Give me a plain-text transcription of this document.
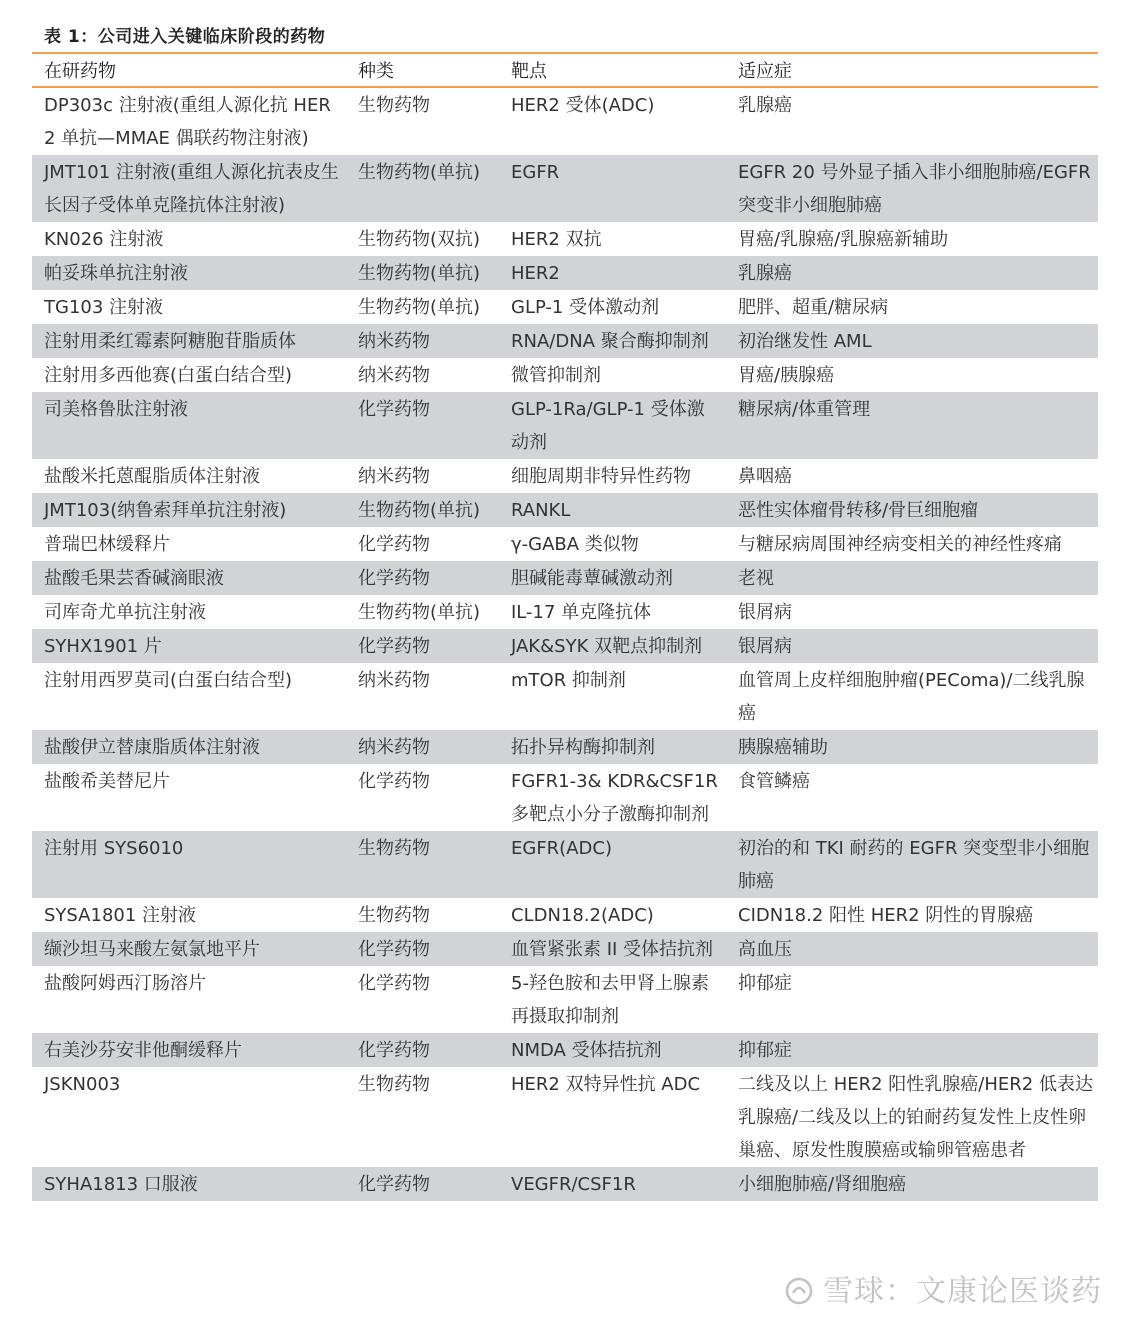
表 1：公司进入关键临床阶段的药物
在研药物	种类	靶点	适应症
DP303c 注射液(重组人源化抗 HER2 单抗—MMAE 偶联药物注射液)	生物药物	HER2 受体(ADC)	乳腺癌
JMT101 注射液(重组人源化抗表皮生长因子受体单克隆抗体注射液)	生物药物(单抗)	EGFR	EGFR 20 号外显子插入非小细胞肺癌/EGFR 突变非小细胞肺癌
KN026 注射液	生物药物(双抗)	HER2 双抗	胃癌/乳腺癌/乳腺癌新辅助
帕妥珠单抗注射液	生物药物(单抗)	HER2	乳腺癌
TG103 注射液	生物药物(单抗)	GLP-1 受体激动剂	肥胖、超重/糖尿病
注射用柔红霉素阿糖胞苷脂质体	纳米药物	RNA/DNA 聚合酶抑制剂	初治继发性 AML
注射用多西他赛(白蛋白结合型)	纳米药物	微管抑制剂	胃癌/胰腺癌
司美格鲁肽注射液	化学药物	GLP-1Ra/GLP-1 受体激动剂	糖尿病/体重管理
盐酸米托蒽醌脂质体注射液	纳米药物	细胞周期非特异性药物	鼻咽癌
JMT103(纳鲁索拜单抗注射液)	生物药物(单抗)	RANKL	恶性实体瘤骨转移/骨巨细胞瘤
普瑞巴林缓释片	化学药物	γ-GABA 类似物	与糖尿病周围神经病变相关的神经性疼痛
盐酸毛果芸香碱滴眼液	化学药物	胆碱能毒蕈碱激动剂	老视
司库奇尤单抗注射液	生物药物(单抗)	IL-17 单克隆抗体	银屑病
SYHX1901 片	化学药物	JAK&SYK 双靶点抑制剂	银屑病
注射用西罗莫司(白蛋白结合型)	纳米药物	mTOR 抑制剂	血管周上皮样细胞肿瘤(PEComa)/二线乳腺癌
盐酸伊立替康脂质体注射液	纳米药物	拓扑异构酶抑制剂	胰腺癌辅助
盐酸希美替尼片	化学药物	FGFR1-3& KDR&CSF1R 多靶点小分子激酶抑制剂	食管鳞癌
注射用 SYS6010	生物药物	EGFR(ADC)	初治的和 TKI 耐药的 EGFR 突变型非小细胞肺癌
SYSA1801 注射液	生物药物	CLDN18.2(ADC)	CIDN18.2 阳性 HER2 阴性的胃腺癌
缬沙坦马来酸左氨氯地平片	化学药物	血管紧张素 II 受体拮抗剂	高血压
盐酸阿姆西汀肠溶片	化学药物	5-羟色胺和去甲肾上腺素再摄取抑制剂	抑郁症
右美沙芬安非他酮缓释片	化学药物	NMDA 受体拮抗剂	抑郁症
JSKN003	生物药物	HER2 双特异性抗 ADC	二线及以上 HER2 阳性乳腺癌/HER2 低表达乳腺癌/二线及以上的铂耐药复发性上皮性卵巢癌、原发性腹膜癌或输卵管癌患者
SYHA1813 口服液	化学药物	VEGFR/CSF1R	小细胞肺癌/肾细胞癌
雪球：文康论医谈药
